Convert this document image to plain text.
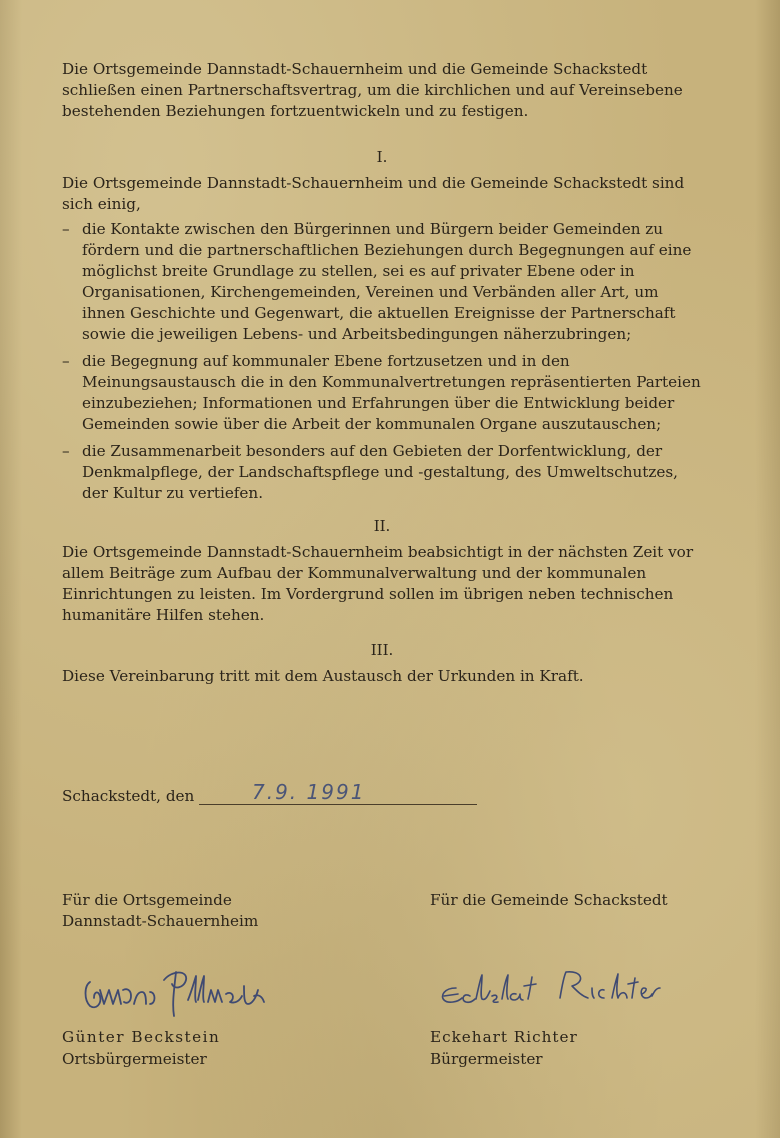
Die Ortsgemeinde Dannstadt-Schauernheim und die Gemeinde Schackstedt schließen einen Partnerschaftsvertrag, um die kirchlichen und auf Vereinsebene bestehenden Beziehungen fortzuentwickeln und zu festigen.

I.

Die Ortsgemeinde Dannstadt-Schauernheim und die Gemeinde Schackstedt sind sich einig,

– die Kontakte zwischen den Bürgerinnen und Bürgern beider Gemeinden zu fördern und die partnerschaftlichen Beziehungen durch Begegnungen auf eine möglichst breite Grundlage zu stellen, sei es auf privater Ebene oder in Organisationen, Kirchengemeinden, Vereinen und Verbänden aller Art, um ihnen Geschichte und Gegenwart, die aktuellen Ereignisse der Partnerschaft sowie die jeweiligen Lebens- und Arbeitsbedingungen näherzubringen;
– die Begegnung auf kommunaler Ebene fortzusetzen und in den Meinungsaustausch die in den Kommunalvertretungen repräsentierten Parteien einzubeziehen; Informationen und Erfahrungen über die Entwicklung beider Gemeinden sowie über die Arbeit der kommunalen Organe auszutauschen;
– die Zusammenarbeit besonders auf den Gebieten der Dorfentwicklung, der Denkmalpflege, der Landschaftspflege und -gestaltung, des Umweltschutzes, der Kultur zu vertiefen.

II.

Die Ortsgemeinde Dannstadt-Schauernheim beabsichtigt in der nächsten Zeit vor allem Beiträge zum Aufbau der Kommunalverwaltung und der kommunalen Einrichtungen zu leisten. Im Vordergrund sollen im übrigen neben technischen humanitäre Hilfen stehen.

III.

Diese Vereinbarung tritt mit dem Austausch der Urkunden in Kraft.

Schackstedt, den	7.9. 1991
Für die Ortsgemeinde
Dannstadt-Schauernheim
Für die Gemeinde Schackstedt
Günter Beckstein
Ortsbürgermeister
Eckehart Richter
Bürgermeister
